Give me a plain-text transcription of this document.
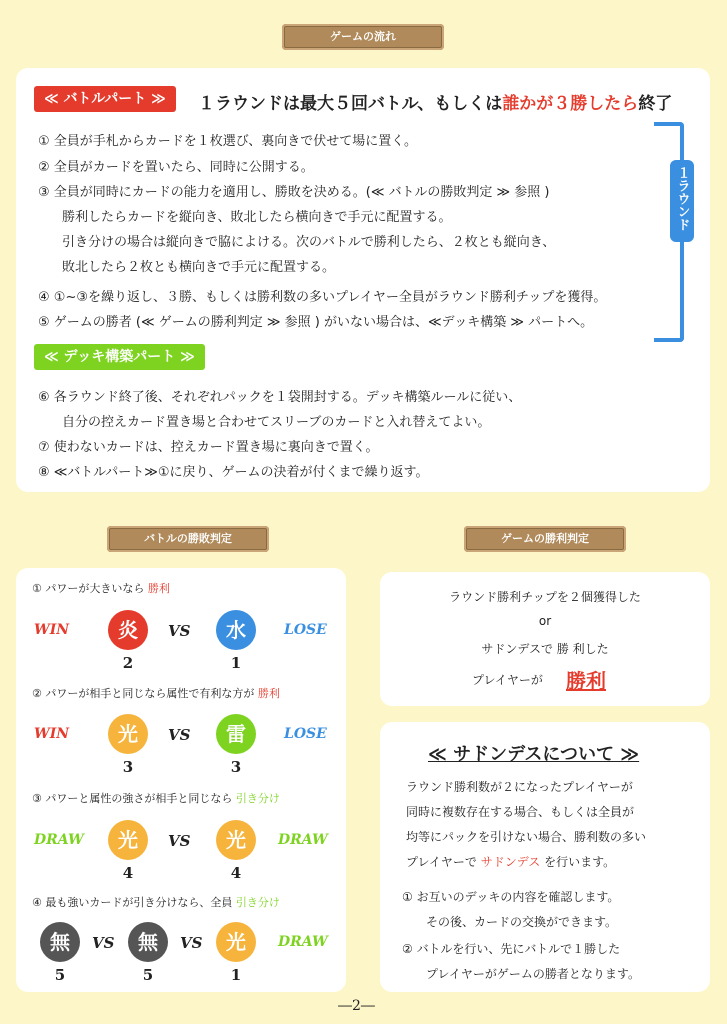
ゲームの流れ
≪ バトルパート ≫	１ラウンドは最大５回バトル、もしくは誰かが３勝したら終了
① 全員が手札からカードを１枚選び、裏向きで伏せて場に置く。
② 全員がカードを置いたら、同時に公開する。
③ 全員が同時にカードの能力を適用し、勝敗を決める。(≪ バトルの勝敗判定 ≫ 参照 )
勝利したらカードを縦向き、敗北したら横向きで手元に配置する。
引き分けの場合は縦向きで脇によける。次のバトルで勝利したら、２枚とも縦向き、
敗北したら２枚とも横向きで手元に配置する。
④ ①~③を繰り返し、３勝、もしくは勝利数の多いプレイヤー全員がラウンド勝利チップを獲得。
⑤ ゲームの勝者 (≪ ゲームの勝利判定 ≫ 参照 ) がいない場合は、≪デッキ構築 ≫ パートへ。
１ラウンド
≪ デッキ構築パート ≫
⑥ 各ラウンド終了後、それぞれパックを１袋開封する。デッキ構築ルールに従い、
自分の控えカード置き場と合わせてスリーブのカードと入れ替えてよい。
⑦ 使わないカードは、控えカード置き場に裏向きで置く。
⑧ ≪バトルパート≫①に戻り、ゲームの決着が付くまで繰り返す。
バトルの勝敗判定
① パワーが大きいなら 勝利
WIN	炎	VS	水	LOSE
2	1
② パワーが相手と同じなら属性で有利な方が 勝利
WIN	光	VS	雷	LOSE
3	3
③ パワーと属性の強さが相手と同じなら 引き分け
DRAW	光	VS	光	DRAW
4	4
④ 最も強いカードが引き分けなら、全員 引き分け
無	VS	無	VS	光	DRAW
5	5	1
ゲームの勝利判定
ラウンド勝利チップを２個獲得した
or
サドンデスで 勝 利した
プレイヤーが 勝利
≪ サドンデスについて ≫
ラウンド勝利数が２になったプレイヤーが
同時に複数存在する場合、もしくは全員が
均等にパックを引けない場合、勝利数の多い
プレイヤーで サドンデス を行います。
① お互いのデッキの内容を確認します。
その後、カードの交換ができます。
② バトルを行い、先にバトルで１勝した
プレイヤーがゲームの勝者となります。
―2―
